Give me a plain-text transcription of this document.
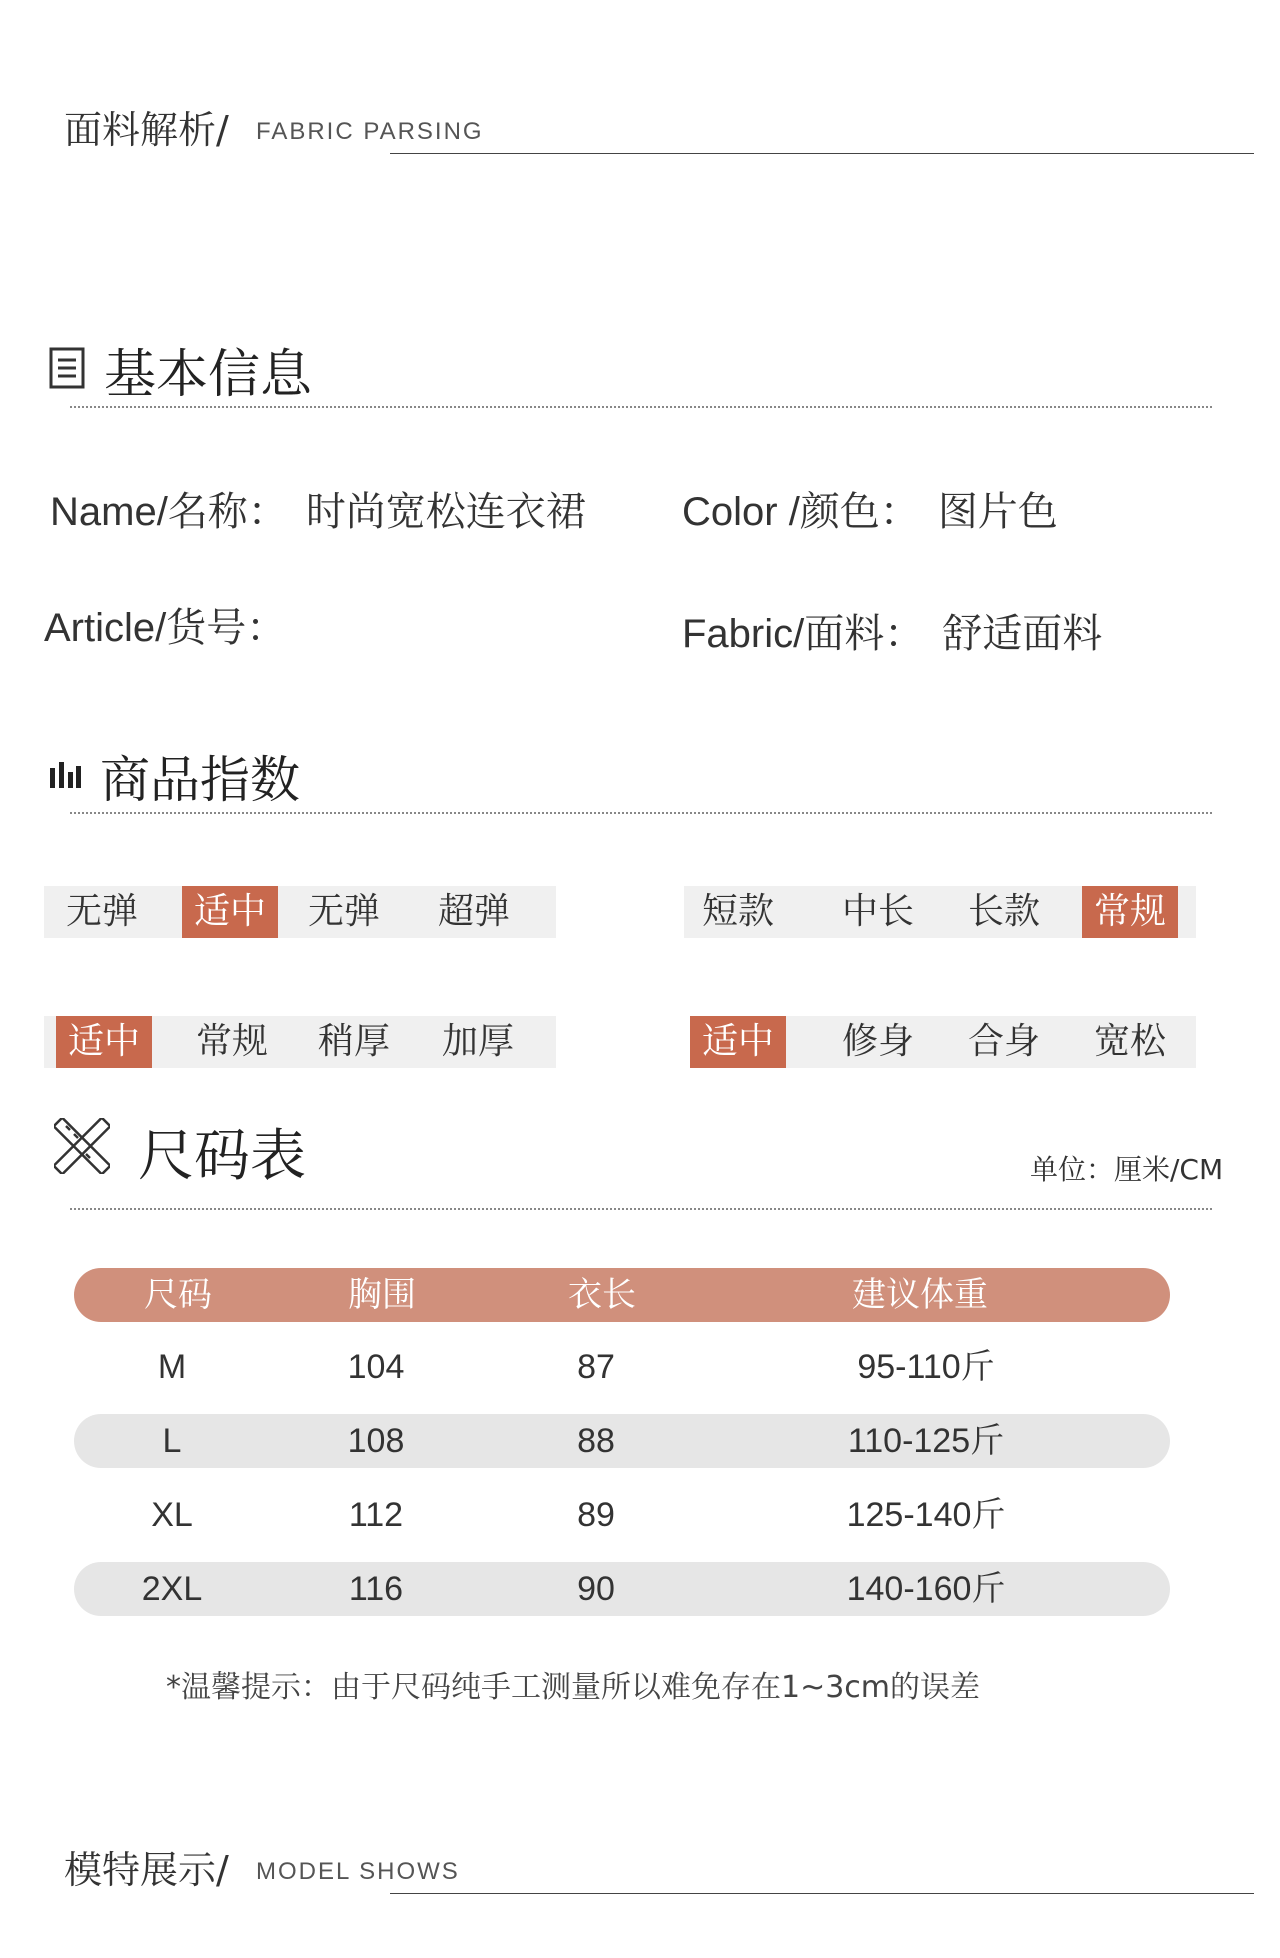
面料解析/ FABRIC PARSING
基本信息
Name/名称： 时尚宽松连衣裙 Color /颜色： 图片色
Article/货号：	Fabric/面料： 舒适面料
商品指数
无弹	适中	无弹	超弹	短款	中长	长款	常规
适中	常规	稍厚	加厚	适中	修身	合身	宽松
尺码表	单位：厘米/CM
尺码	胸围	衣长	建议体重
M	104	87	95-110斤
L	108	88	110-125斤
XL	112	89	125-140斤
2XL	116	90	140-160斤
*温馨提示：由于尺码纯手工测量所以难免存在1~3cm的误差
模特展示/ MODEL SHOWS
